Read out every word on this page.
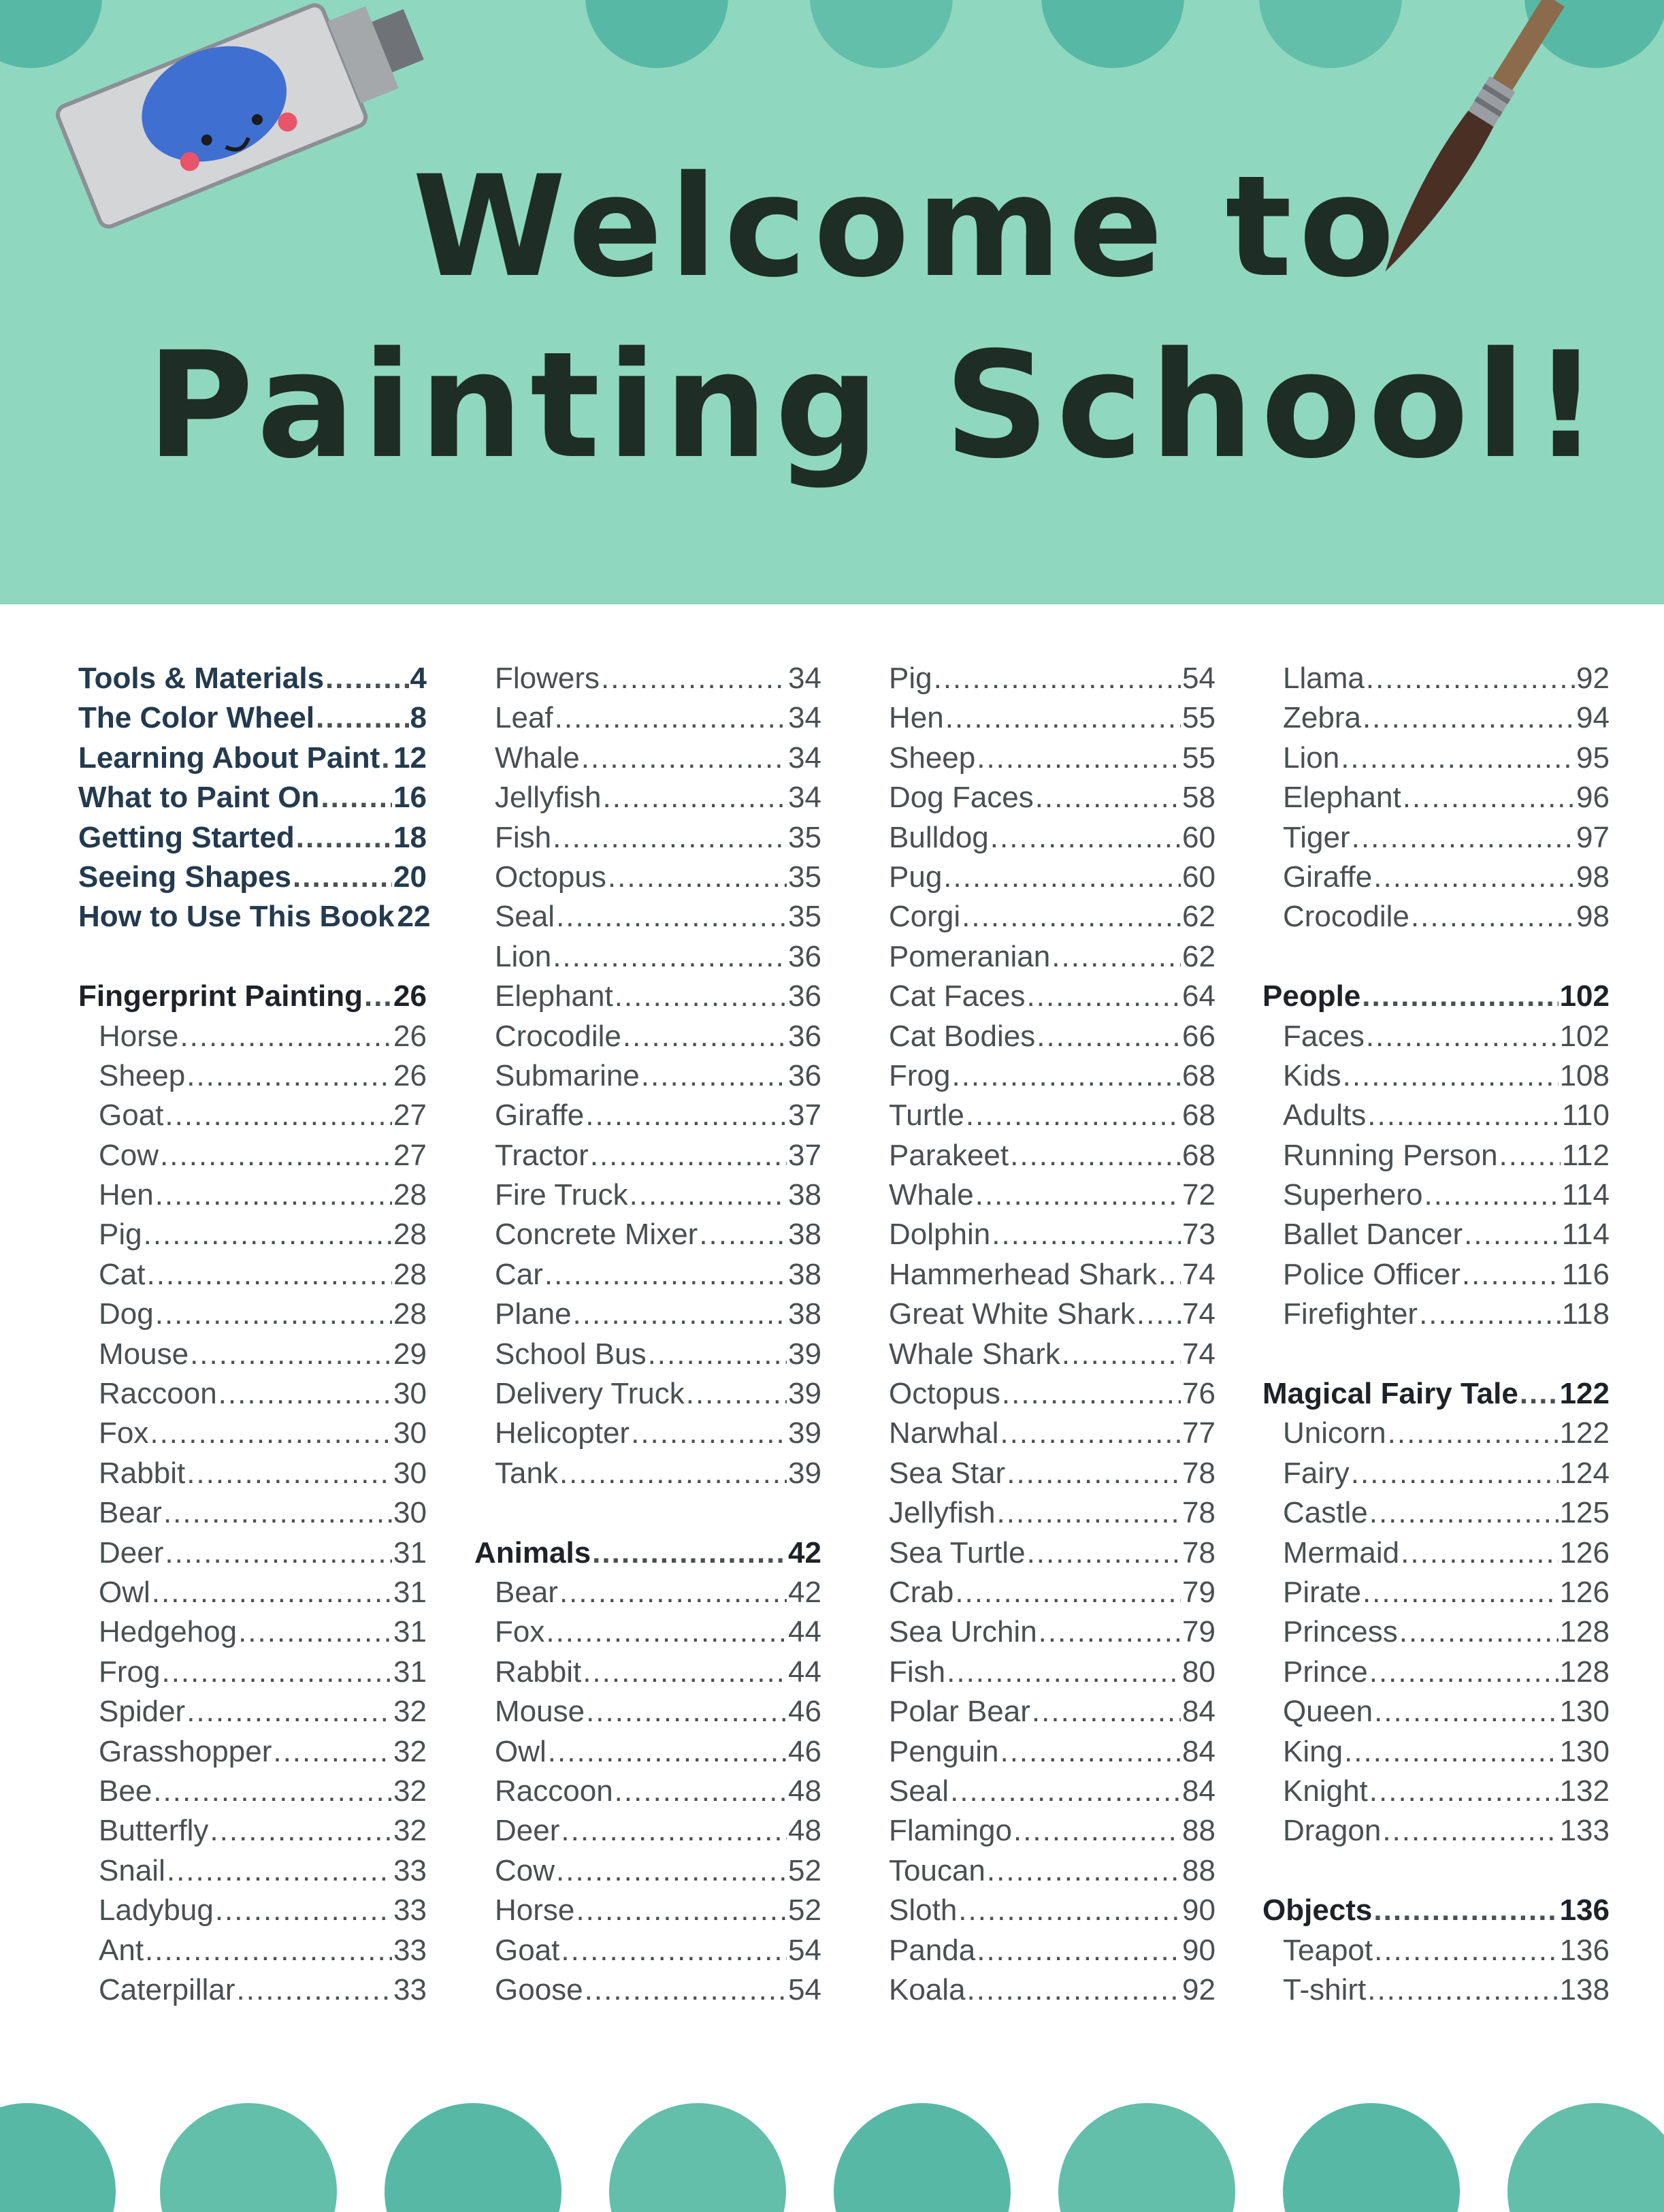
Welcome to
Painting School!
Tools & Materials .....	4
The Color Wheel .....	8
Learning About Paint ..... 12
What to Paint On ..... 16
Getting Started .....	18
Seeing Shapes .....	20
How to Use This Book 22
Fingerprint Painting ..... 26
Horse .....	26
Sheep .....	26
Goat .....	27
Cow .....	27
Hen .....	28
Pig .....	28
Cat .....	28
Dog .....	28
Mouse .....	29
Raccoon .....	30
Fox .....	30
Rabbit .....	30
Bear .....	30
Deer .....	31
Owl .....	31
Hedgehog .....	31
Frog .....	31
Spider .....	32
Grasshopper .....	32
Bee .....	32
Butterfly .....	32
Snail .....	33
Ladybug .....	33
Ant .....	33
Caterpillar .....	33
Flowers .....	34
Leaf .....	34
Whale .....	34
Jellyfish .....	34
Fish .....	35
Octopus .....	35
Seal .....	35
Lion .....	36
Elephant .....	36
Crocodile .....	36
Submarine .....	36
Giraffe .....	37
Tractor .....	37
Fire Truck .....	38
Concrete Mixer .....	38
Car .....	38
Plane .....	38
School Bus .....	39
Delivery Truck .....	39
Helicopter .....	39
Tank .....	39
Animals .....	42
Bear .....	42
Fox .....	44
Rabbit .....	44
Mouse .....	46
Owl .....	46
Raccoon .....	48
Deer .....	48
Cow .....	52
Horse .....	52
Goat .....	54
Goose .....	54
Pig .....	54
Hen .....	55
Sheep .....	55
Dog Faces .....	58
Bulldog .....	60
Pug .....	60
Corgi .....	62
Pomeranian .....	62
Cat Faces .....	64
Cat Bodies .....	66
Frog .....	68
Turtle .....	68
Parakeet .....	68
Whale .....	72
Dolphin .....	73
Hammerhead Shark ..... 74
Great White Shark ..... 74
Whale Shark .....	74
Octopus .....	76
Narwhal .....	77
Sea Star .....	78
Jellyfish .....	78
Sea Turtle .....	78
Crab .....	79
Sea Urchin .....	79
Fish .....	80
Polar Bear .....	84
Penguin .....	84
Seal .....	84
Flamingo .....	88
Toucan .....	88
Sloth .....	90
Panda .....	90
Koala .....	92
Llama .....	92
Zebra .....	94
Lion .....	95
Elephant .....	96
Tiger .....	97
Giraffe .....	98
Crocodile .....	98
People .....	102
Faces .....	102
Kids .....	108
Adults .....	110
Running Person ..... 112
Superhero .....	114
Ballet Dancer .....	114
Police Officer .....	116
Firefighter .....	118
Magical Fairy Tale ..... 122
Unicorn .....	122
Fairy .....	124
Castle .....	125
Mermaid .....	126
Pirate .....	126
Princess .....	128
Prince .....	128
Queen .....	130
King .....	130
Knight .....	132
Dragon .....	133
Objects .....	136
Teapot .....	136
T-shirt .....	138
